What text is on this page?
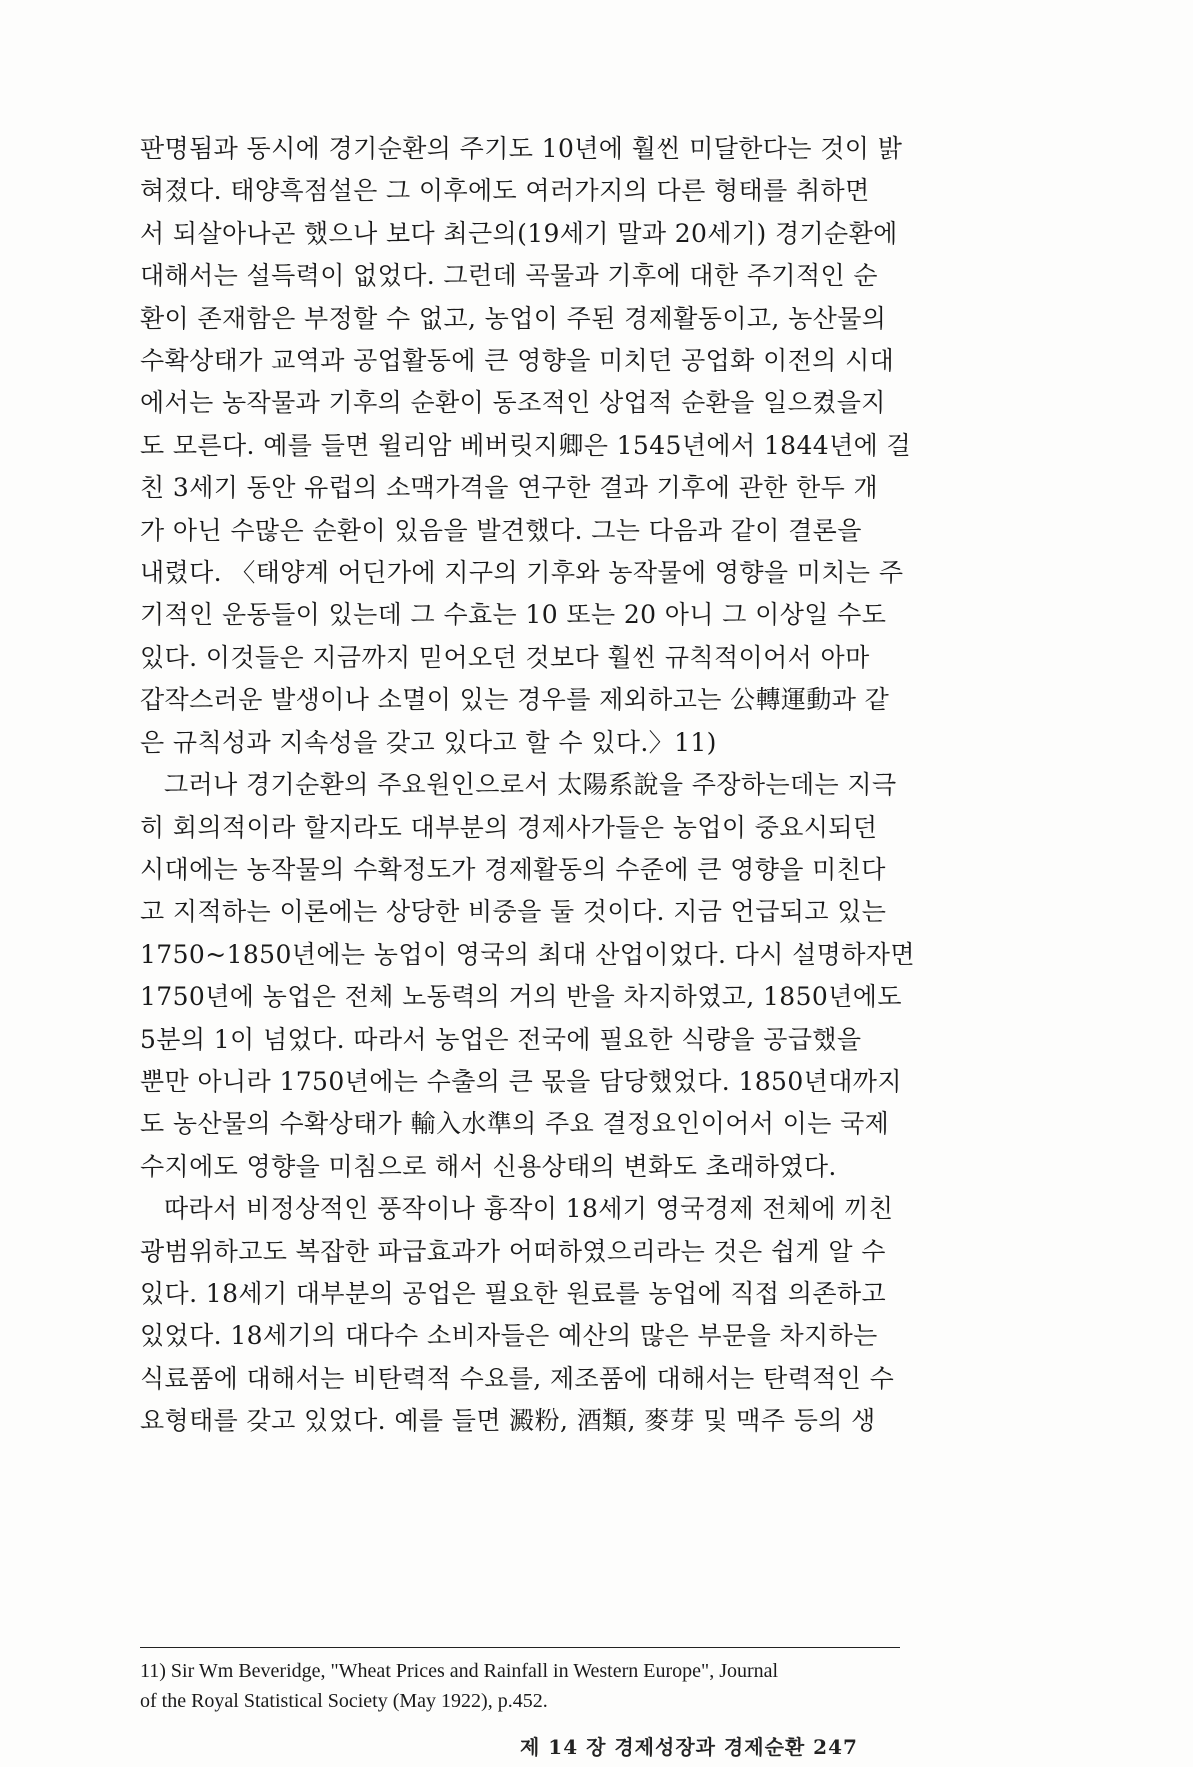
판명됨과 동시에 경기순환의 주기도 10년에 훨씬 미달한다는 것이 밝
혀졌다. 태양흑점설은 그 이후에도 여러가지의 다른 형태를 취하면
서 되살아나곤 했으나 보다 최근의(19세기 말과 20세기) 경기순환에
대해서는 설득력이 없었다. 그런데 곡물과 기후에 대한 주기적인 순
환이 존재함은 부정할 수 없고, 농업이 주된 경제활동이고, 농산물의
수확상태가 교역과 공업활동에 큰 영향을 미치던 공업화 이전의 시대
에서는 농작물과 기후의 순환이 동조적인 상업적 순환을 일으켰을지
도 모른다. 예를 들면 윌리암 베버릿지卿은 1545년에서 1844년에 걸
친 3세기 동안 유럽의 소맥가격을 연구한 결과 기후에 관한 한두 개
가 아닌 수많은 순환이 있음을 발견했다. 그는 다음과 같이 결론을
내렸다. 〈태양계 어딘가에 지구의 기후와 농작물에 영향을 미치는 주
기적인 운동들이 있는데 그 수효는 10 또는 20 아니 그 이상일 수도
있다. 이것들은 지금까지 믿어오던 것보다 훨씬 규칙적이어서 아마
갑작스러운 발생이나 소멸이 있는 경우를 제외하고는 公轉運動과 같
은 규칙성과 지속성을 갖고 있다고 할 수 있다.〉11)
그러나 경기순환의 주요원인으로서 太陽系說을 주장하는데는 지극
히 회의적이라 할지라도 대부분의 경제사가들은 농업이 중요시되던
시대에는 농작물의 수확정도가 경제활동의 수준에 큰 영향을 미친다
고 지적하는 이론에는 상당한 비중을 둘 것이다. 지금 언급되고 있는
1750~1850년에는 농업이 영국의 최대 산업이었다. 다시 설명하자면
1750년에 농업은 전체 노동력의 거의 반을 차지하였고, 1850년에도
5분의 1이 넘었다. 따라서 농업은 전국에 필요한 식량을 공급했을
뿐만 아니라 1750년에는 수출의 큰 몫을 담당했었다. 1850년대까지
도 농산물의 수확상태가 輸入水準의 주요 결정요인이어서 이는 국제
수지에도 영향을 미침으로 해서 신용상태의 변화도 초래하였다.
따라서 비정상적인 풍작이나 흉작이 18세기 영국경제 전체에 끼친
광범위하고도 복잡한 파급효과가 어떠하였으리라는 것은 쉽게 알 수
있다. 18세기 대부분의 공업은 필요한 원료를 농업에 직접 의존하고
있었다. 18세기의 대다수 소비자들은 예산의 많은 부문을 차지하는
식료품에 대해서는 비탄력적 수요를, 제조품에 대해서는 탄력적인 수
요형태를 갖고 있었다. 예를 들면 澱粉, 酒類, 麥芽 및 맥주 등의 생
11) Sir Wm Beveridge, "Wheat Prices and Rainfall in Western Europe", Journal
of the Royal Statistical Society (May 1922), p.452.
제 14 장 경제성장과 경제순환 247
